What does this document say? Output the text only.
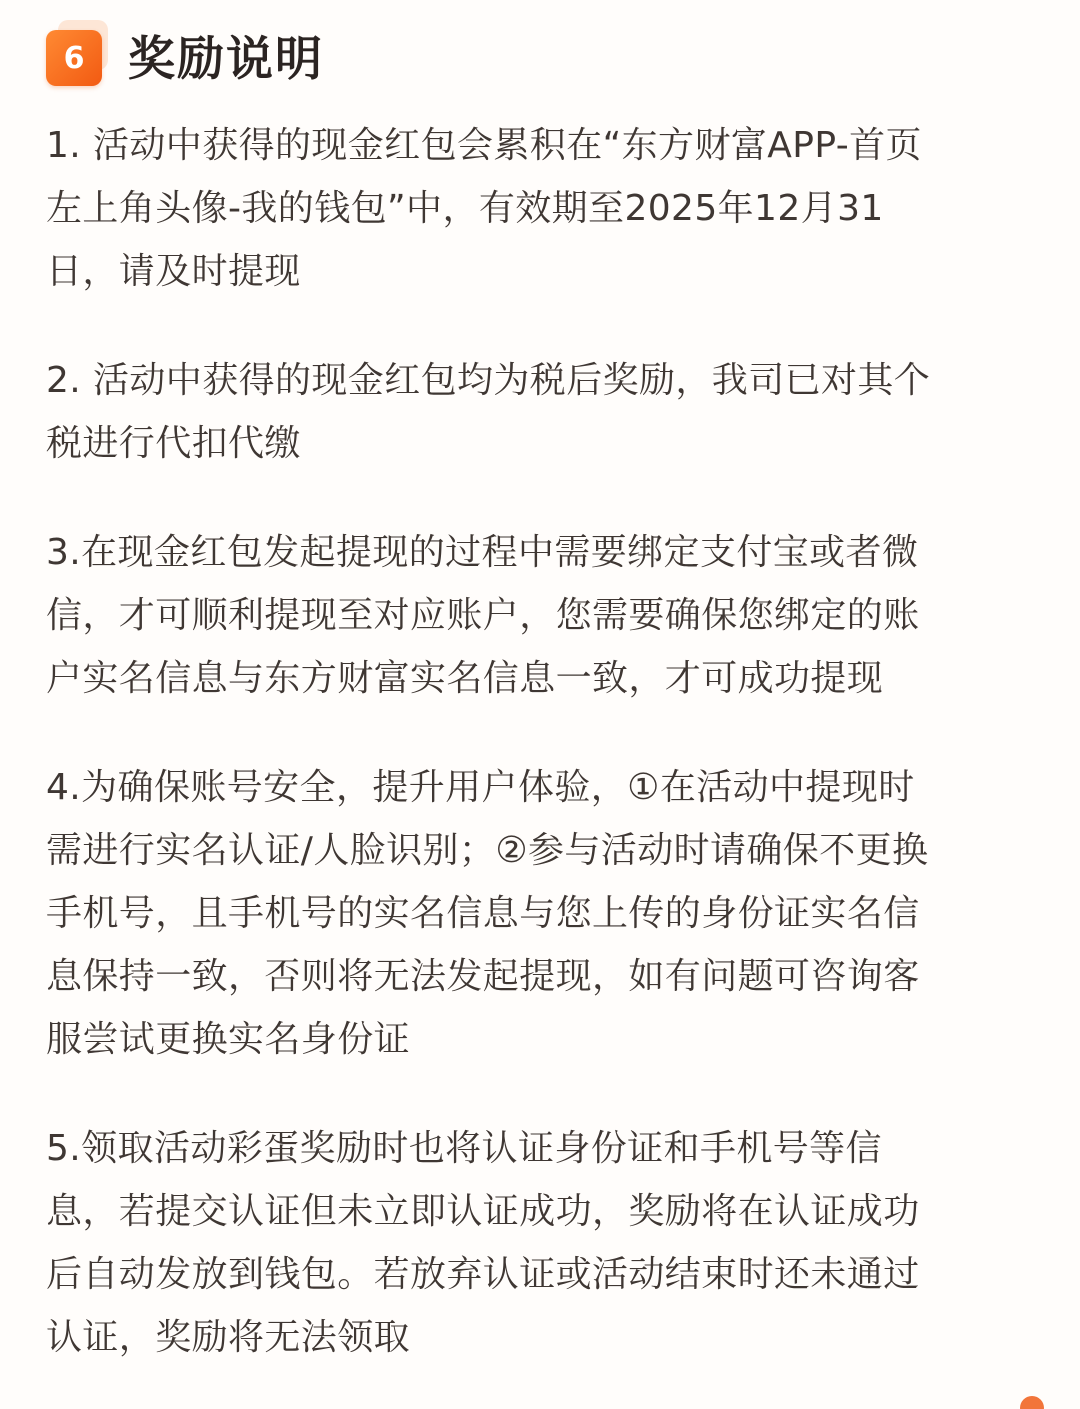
6 奖励说明
1. 活动中获得的现金红包会累积在“东方财富APP-首页
左上角头像-我的钱包”中，有效期至2025年12月31
日，请及时提现
2. 活动中获得的现金红包均为税后奖励，我司已对其个
税进行代扣代缴
3.在现金红包发起提现的过程中需要绑定支付宝或者微
信，才可顺利提现至对应账户，您需要确保您绑定的账
户实名信息与东方财富实名信息一致，才可成功提现
4.为确保账号安全，提升用户体验，①在活动中提现时
需进行实名认证/人脸识别；②参与活动时请确保不更换
手机号，且手机号的实名信息与您上传的身份证实名信
息保持一致，否则将无法发起提现，如有问题可咨询客
服尝试更换实名身份证
5.领取活动彩蛋奖励时也将认证身份证和手机号等信
息，若提交认证但未立即认证成功，奖励将在认证成功
后自动发放到钱包。若放弃认证或活动结束时还未通过
认证，奖励将无法领取
